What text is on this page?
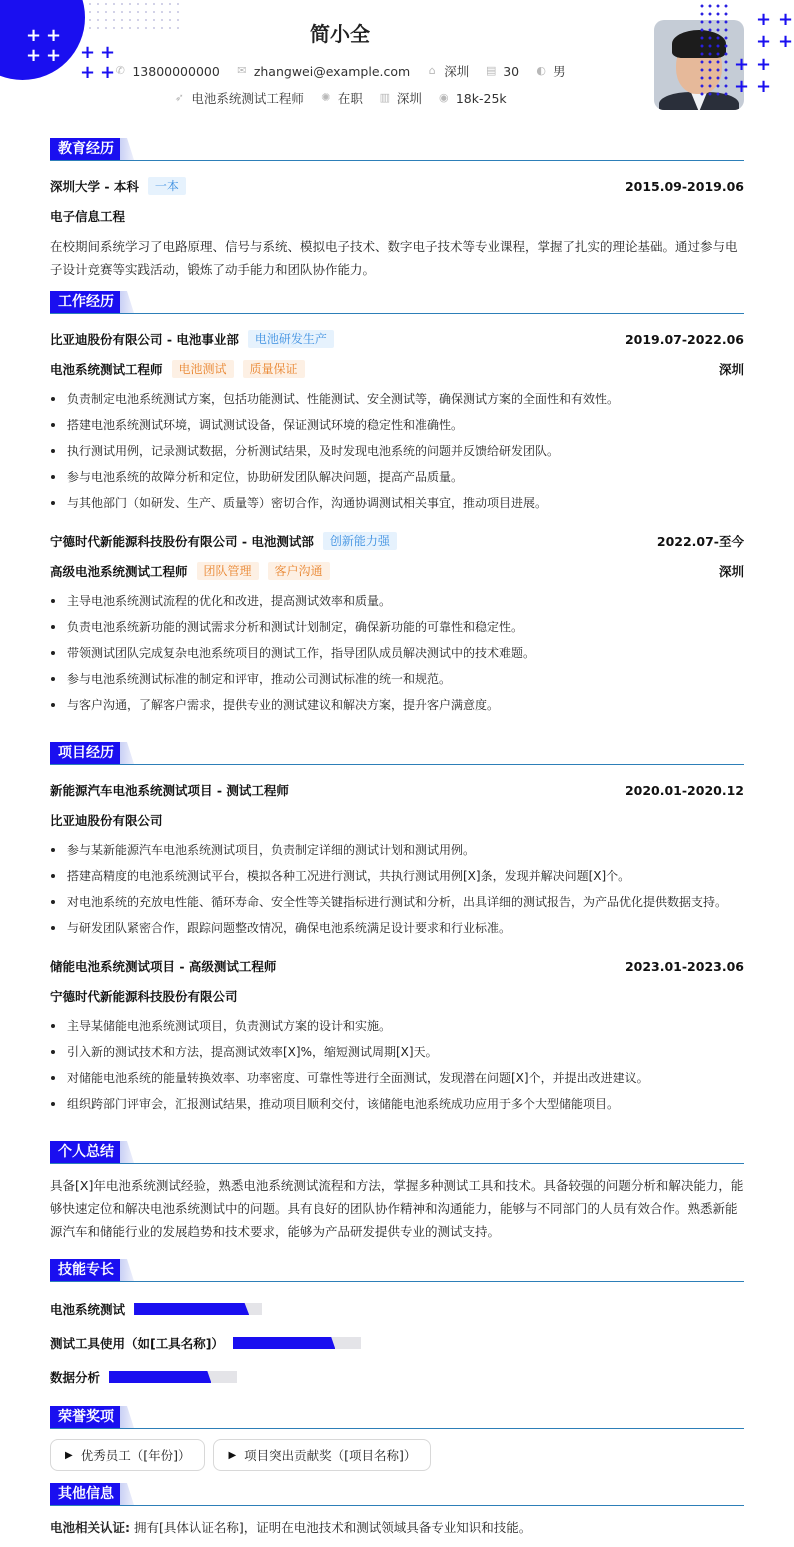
+ +
+ + + +
+ +
简小全
✆ 13800000000 ✉ zhangwei@example.com ⌂ 深圳 ▤ 30 ◐ 男
➶ 电池系统测试工程师 ✺ 在职 ▥ 深圳 ◉ 18k-25k
+ +
+ +
+ +
+ +
教育经历
深圳大学 - 本科	一本	2015.09-2019.06
电子信息工程
在校期间系统学习了电路原理、信号与系统、模拟电子技术、数字电子技术等专业课程，掌握了扎实的理论基础。通过参与电子设计竞赛等实践活动，锻炼了动手能力和团队协作能力。
工作经历
比亚迪股份有限公司 - 电池事业部	电池研发生产	2019.07-2022.06
电池系统测试工程师	电池测试	质量保证	深圳
负责制定电池系统测试方案，包括功能测试、性能测试、安全测试等，确保测试方案的全面性和有效性。
搭建电池系统测试环境，调试测试设备，保证测试环境的稳定性和准确性。
执行测试用例，记录测试数据，分析测试结果，及时发现电池系统的问题并反馈给研发团队。
参与电池系统的故障分析和定位，协助研发团队解决问题，提高产品质量。
与其他部门（如研发、生产、质量等）密切合作，沟通协调测试相关事宜，推动项目进展。
宁德时代新能源科技股份有限公司 - 电池测试部	创新能力强	2022.07-至今
高级电池系统测试工程师	团队管理	客户沟通	深圳
主导电池系统测试流程的优化和改进，提高测试效率和质量。
负责电池系统新功能的测试需求分析和测试计划制定，确保新功能的可靠性和稳定性。
带领测试团队完成复杂电池系统项目的测试工作，指导团队成员解决测试中的技术难题。
参与电池系统测试标准的制定和评审，推动公司测试标准的统一和规范。
与客户沟通，了解客户需求，提供专业的测试建议和解决方案，提升客户满意度。
项目经历
新能源汽车电池系统测试项目 - 测试工程师	2020.01-2020.12
比亚迪股份有限公司
参与某新能源汽车电池系统测试项目，负责制定详细的测试计划和测试用例。
搭建高精度的电池系统测试平台，模拟各种工况进行测试，共执行测试用例[X]条，发现并解决问题[X]个。
对电池系统的充放电性能、循环寿命、安全性等关键指标进行测试和分析，出具详细的测试报告，为产品优化提供数据支持。
与研发团队紧密合作，跟踪问题整改情况，确保电池系统满足设计要求和行业标准。
储能电池系统测试项目 - 高级测试工程师	2023.01-2023.06
宁德时代新能源科技股份有限公司
主导某储能电池系统测试项目，负责测试方案的设计和实施。
引入新的测试技术和方法，提高测试效率[X]%，缩短测试周期[X]天。
对储能电池系统的能量转换效率、功率密度、可靠性等进行全面测试，发现潜在问题[X]个，并提出改进建议。
组织跨部门评审会，汇报测试结果，推动项目顺利交付，该储能电池系统成功应用于多个大型储能项目。
个人总结
具备[X]年电池系统测试经验，熟悉电池系统测试流程和方法，掌握多种测试工具和技术。具备较强的问题分析和解决能力，能够快速定位和解决电池系统测试中的问题。具有良好的团队协作精神和沟通能力，能够与不同部门的人员有效合作。熟悉新能源汽车和储能行业的发展趋势和技术要求，能够为产品研发提供专业的测试支持。
技能专长
电池系统测试
测试工具使用（如[工具名称]）
数据分析
荣誉奖项
▶ 优秀员工（[年份]）	▶ 项目突出贡献奖（[项目名称]）
其他信息
电池相关认证: 拥有[具体认证名称]，证明在电池技术和测试领域具备专业知识和技能。
